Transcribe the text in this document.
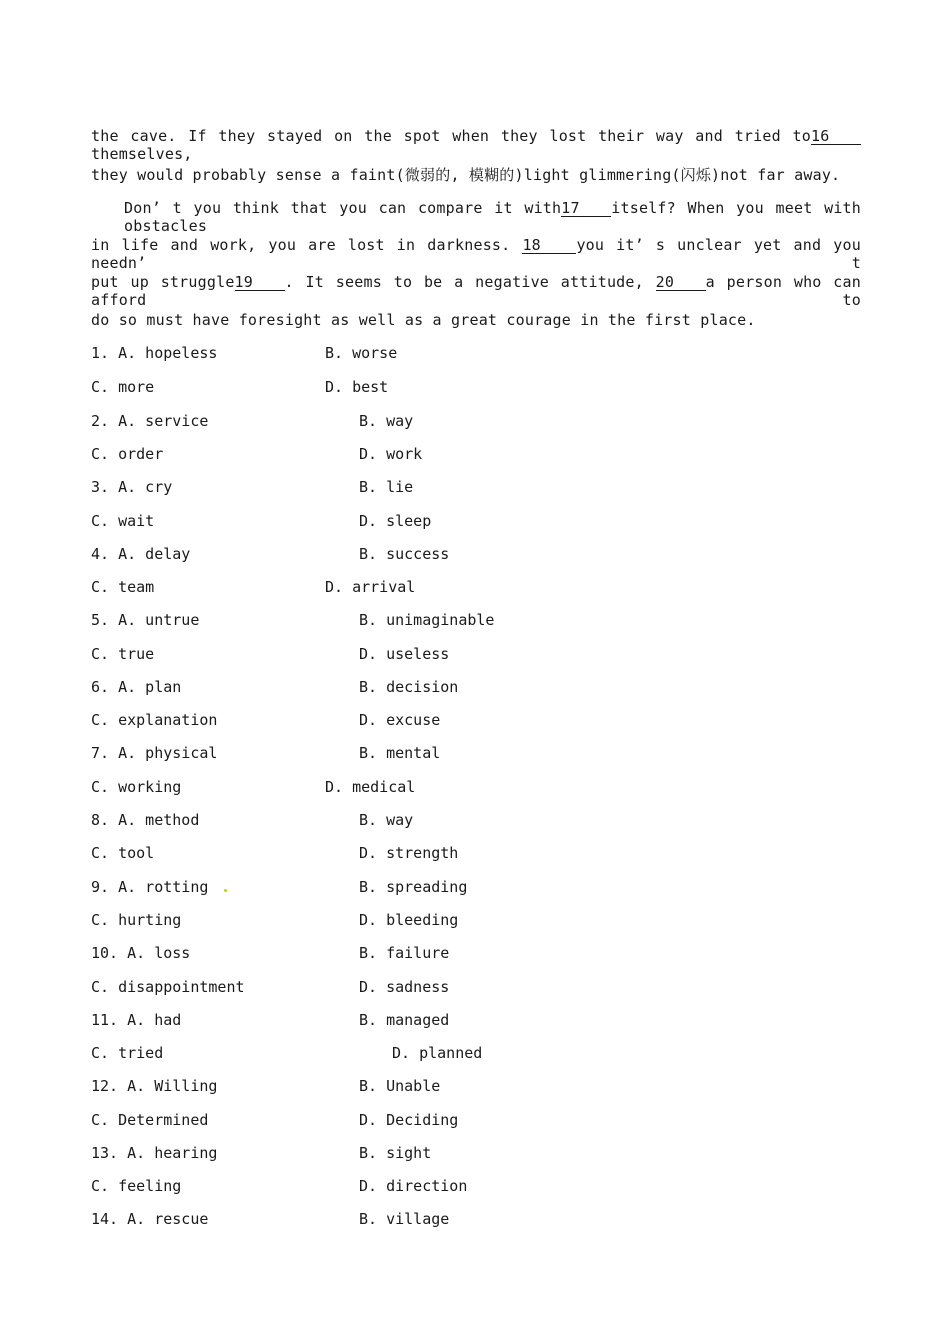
the cave. If they stayed on the spot when they lost their way and tried to16themselves,
they would probably sense a faint(微弱的, 模糊的)light glimmering(闪烁)not far away.
Don’ t you think that you can compare it with17 itself? When you meet with obstacles
in life and work, you are lost in darkness. 18 you it’ s unclear yet and you needn’ t
put up struggle19 . It seems to be a negative attitude, 20 a person who can afford to
do so must have foresight as well as a great courage in the first place.
1. A. hopeless	B. worse
C. more	D. best
2. A. service	B. way
C. order	D. work
3. A. cry	B. lie
C. wait	D. sleep
4. A. delay	B. success
C. team	D. arrival
5. A. untrue	B. unimaginable
C. true	D. useless
6. A. plan	B. decision
C. explanation	D. excuse
7. A. physical	B. mental
C. working	D. medical
8. A. method	B. way
C. tool	D. strength
9. A. rotting	B. spreading
C. hurting	D. bleeding
10. A. loss	B. failure
C. disappointment	D. sadness
11. A. had	B. managed
C. tried	D. planned
12. A. Willing	B. Unable
C. Determined	D. Deciding
13. A. hearing	B. sight
C. feeling	D. direction
14. A. rescue	B. village
